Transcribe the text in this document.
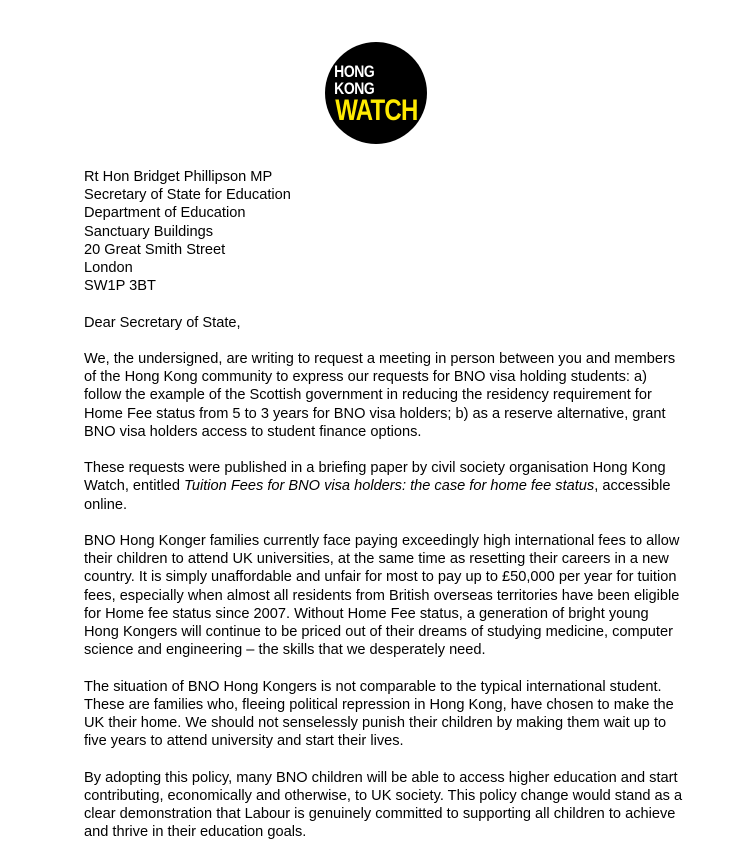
HONG KONG
WATCH
Rt Hon Bridget Phillipson MP
Secretary of State for Education
Department of Education
Sanctuary Buildings
20 Great Smith Street
London
SW1P 3BT

Dear Secretary of State,

We, the undersigned, are writing to request a meeting in person between you and members of the Hong Kong community to express our requests for BNO visa holding students: a) follow the example of the Scottish government in reducing the residency requirement for Home Fee status from 5 to 3 years for BNO visa holders; b) as a reserve alternative, grant BNO visa holders access to student finance options.

These requests were published in a briefing paper by civil society organisation Hong Kong Watch, entitled Tuition Fees for BNO visa holders: the case for home fee status, accessible online.

BNO Hong Konger families currently face paying exceedingly high international fees to allow their children to attend UK universities, at the same time as resetting their careers in a new country. It is simply unaffordable and unfair for most to pay up to £50,000 per year for tuition fees, especially when almost all residents from British overseas territories have been eligible for Home fee status since 2007. Without Home Fee status, a generation of bright young Hong Kongers will continue to be priced out of their dreams of studying medicine, computer science and engineering – the skills that we desperately need.

The situation of BNO Hong Kongers is not comparable to the typical international student. These are families who, fleeing political repression in Hong Kong, have chosen to make the UK their home. We should not senselessly punish their children by making them wait up to five years to attend university and start their lives.

By adopting this policy, many BNO children will be able to access higher education and start contributing, economically and otherwise, to UK society. This policy change would stand as a clear demonstration that Labour is genuinely committed to supporting all children to achieve and thrive in their education goals.
